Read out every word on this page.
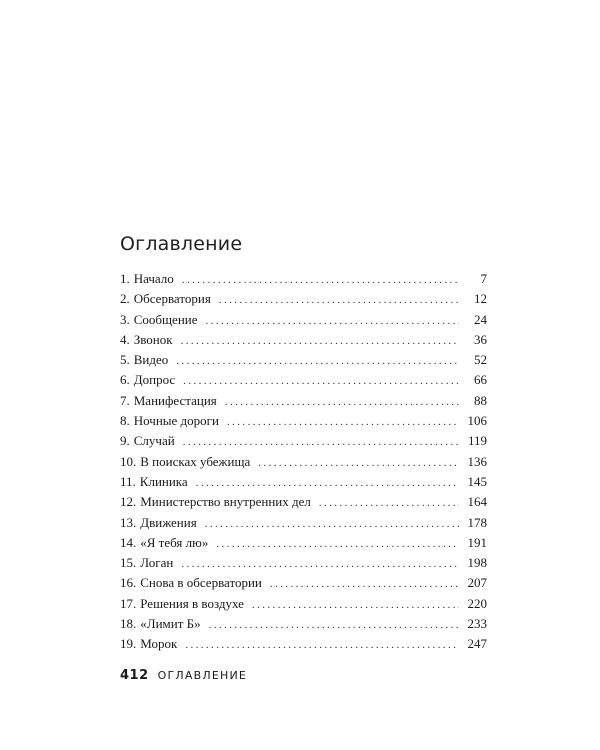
Оглавление
1. Начало .....	7
2. Обсерватория .....	12
3. Сообщение .....	24
4. Звонок .....	36
5. Видео .....	52
6. Допрос .....	66
7. Манифестация .....	88
8. Ночные дороги .....	106
9. Случай .....	119
10. В поисках убежища .....	136
11. Клиника .....	145
12. Министерство внутренних дел .....	164
13. Движения .....	178
14. «Я тебя лю» .....	191
15. Логан .....	198
16. Снова в обсерватории .....	207
17. Решения в воздухе .....	220
18. «Лимит Б» .....	233
19. Морок .....	247
412 ОГЛАВЛЕНИЕ
